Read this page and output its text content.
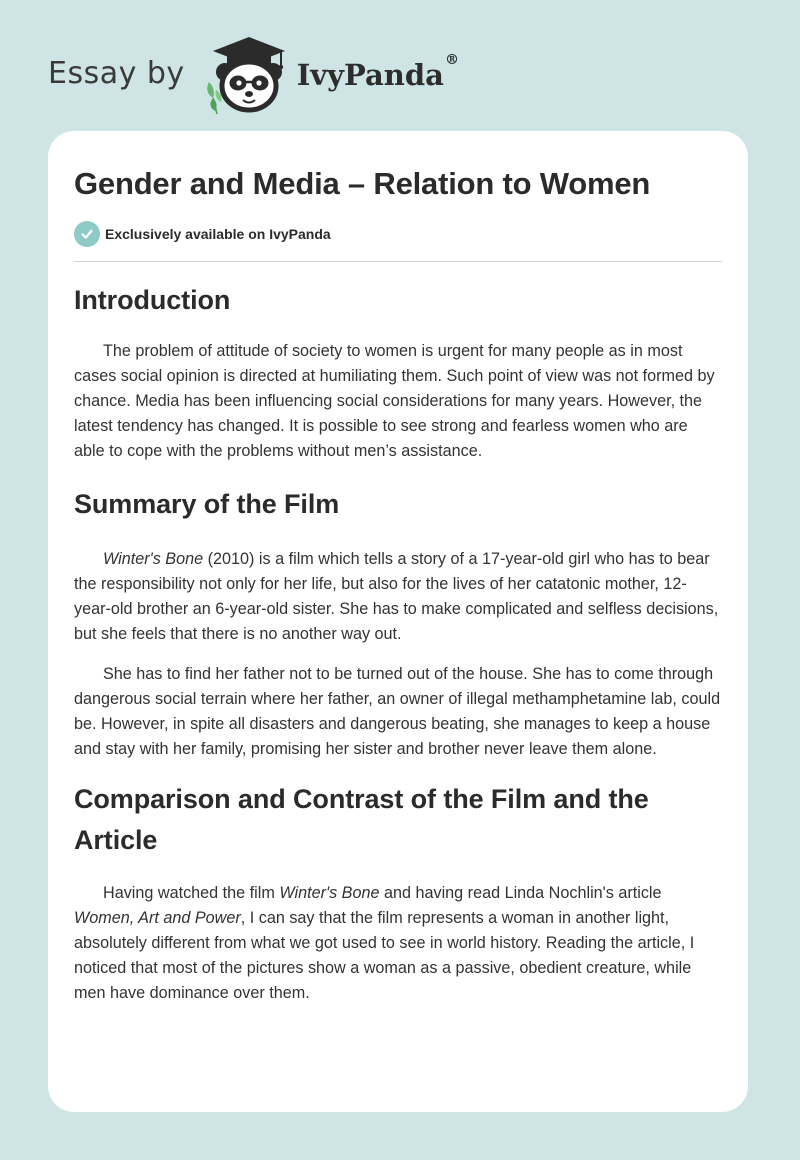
Essay by	IvyPanda®
Gender and Media – Relation to Women
Exclusively available on IvyPanda
Introduction

The problem of attitude of society to women is urgent for many people as in most cases social opinion is directed at humiliating them. Such point of view was not formed by chance. Media has been influencing social considerations for many years. However, the latest tendency has changed. It is possible to see strong and fearless women who are able to cope with the problems without men’s assistance.

Summary of the Film

Winter's Bone (2010) is a film which tells a story of a 17-year-old girl who has to bear the responsibility not only for her life, but also for the lives of her catatonic mother, 12-year-old brother an 6-year-old sister. She has to make complicated and selfless decisions, but she feels that there is no another way out.

She has to find her father not to be turned out of the house. She has to come through dangerous social terrain where her father, an owner of illegal methamphetamine lab, could be. However, in spite all disasters and dangerous beating, she manages to keep a house and stay with her family, promising her sister and brother never leave them alone.

Comparison and Contrast of the Film and the Article

Having watched the film Winter's Bone and having read Linda Nochlin's article Women, Art and Power, I can say that the film represents a woman in another light, absolutely different from what we got used to see in world history. Reading the article, I noticed that most of the pictures show a woman as a passive, obedient creature, while men have dominance over them.
